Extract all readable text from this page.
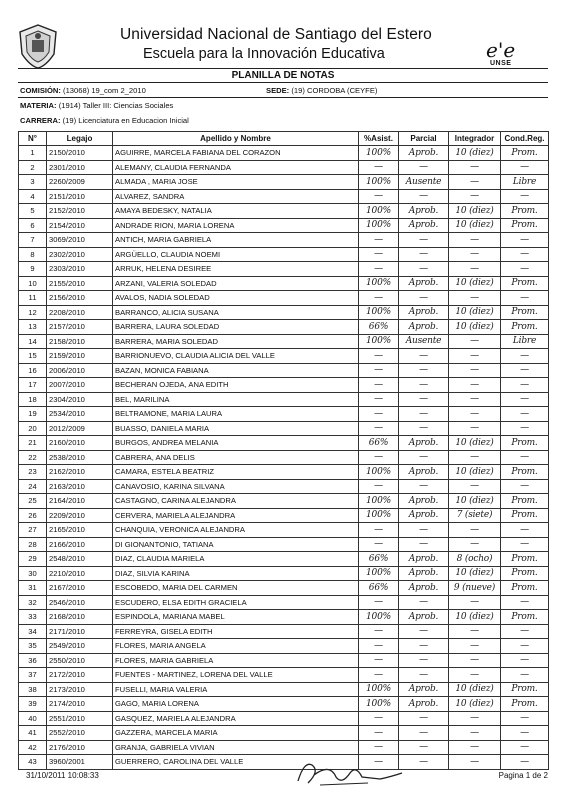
Universidad Nacional de Santiago del Estero
Escuela para la Innovación Educativa	e'e
UNSE
PLANILLA DE NOTAS
COMISIÓN: (13068) 19_com 2_2010	SEDE: (19) CORDOBA (CEYFE)
MATERIA: (1914) Taller III: Ciencias Sociales
CARRERA: (19) Licenciatura en Educacion Inicial
N°	Legajo	Apellido y Nombre	%Asist.	Parcial	Integrador	Cond.Reg.
1	2150/2010	AGUIRRE, MARCELA FABIANA DEL CORAZON	100%	Aprob.	10 (diez)	Prom.
2	2301/2010	ALEMANY, CLAUDIA FERNANDA	—	—	—	—
3	2260/2009	ALMADA , MARIA JOSE	100%	Ausente	—	Libre
4	2151/2010	ALVAREZ, SANDRA	—	—	—	—
5	2152/2010	AMAYA BEDESKY, NATALIA	100%	Aprob.	10 (diez)	Prom.
6	2154/2010	ANDRADE RION, MARIA LORENA	100%	Aprob.	10 (diez)	Prom.
7	3069/2010	ANTICH, MARIA GABRIELA	—	—	—	—
8	2302/2010	ARGÜELLO, CLAUDIA NOEMI	—	—	—	—
9	2303/2010	ARRUK, HELENA DESIREE	—	—	—	—
10	2155/2010	ARZANI, VALERIA SOLEDAD	100%	Aprob.	10 (diez)	Prom.
11	2156/2010	AVALOS, NADIA SOLEDAD	—	—	—	—
12	2208/2010	BARRANCO, ALICIA SUSANA	100%	Aprob.	10 (diez)	Prom.
13	2157/2010	BARRERA, LAURA SOLEDAD	66%	Aprob.	10 (diez)	Prom.
14	2158/2010	BARRERA, MARIA SOLEDAD	100%	Ausente	—	Libre
15	2159/2010	BARRIONUEVO, CLAUDIA ALICIA DEL VALLE	—	—	—	—
16	2006/2010	BAZAN, MONICA FABIANA	—	—	—	—
17	2007/2010	BECHERAN OJEDA, ANA EDITH	—	—	—	—
18	2304/2010	BEL, MARILINA	—	—	—	—
19	2534/2010	BELTRAMONE, MARIA LAURA	—	—	—	—
20	2012/2009	BUASSO, DANIELA MARIA	—	—	—	—
21	2160/2010	BURGOS, ANDREA MELANIA	66%	Aprob.	10 (diez)	Prom.
22	2538/2010	CABRERA, ANA DELIS	—	—	—	—
23	2162/2010	CAMARA, ESTELA BEATRIZ	100%	Aprob.	10 (diez)	Prom.
24	2163/2010	CANAVOSIO, KARINA SILVANA	—	—	—	—
25	2164/2010	CASTAGNO, CARINA ALEJANDRA	100%	Aprob.	10 (diez)	Prom.
26	2209/2010	CERVERA, MARIELA ALEJANDRA	100%	Aprob.	7 (siete)	Prom.
27	2165/2010	CHANQUIA, VERONICA ALEJANDRA	—	—	—	—
28	2166/2010	DI GIONANTONIO, TATIANA	—	—	—	—
29	2548/2010	DIAZ, CLAUDIA MARIELA	66%	Aprob.	8 (ocho)	Prom.
30	2210/2010	DIAZ, SILVIA KARINA	100%	Aprob.	10 (diez)	Prom.
31	2167/2010	ESCOBEDO, MARIA DEL CARMEN	66%	Aprob.	9 (nueve)	Prom.
32	2546/2010	ESCUDERO, ELSA EDITH GRACIELA	—	—	—	—
33	2168/2010	ESPINDOLA, MARIANA MABEL	100%	Aprob.	10 (diez)	Prom.
34	2171/2010	FERREYRA, GISELA EDITH	—	—	—	—
35	2549/2010	FLORES, MARIA ANGELA	—	—	—	—
36	2550/2010	FLORES, MARIA GABRIELA	—	—	—	—
37	2172/2010	FUENTES - MARTINEZ, LORENA DEL VALLE	—	—	—	—
38	2173/2010	FUSELLI, MARIA VALERIA	100%	Aprob.	10 (diez)	Prom.
39	2174/2010	GAGO, MARIA LORENA	100%	Aprob.	10 (diez)	Prom.
40	2551/2010	GASQUEZ, MARIELA ALEJANDRA	—	—	—	—
41	2552/2010	GAZZERA, MARCELA MARIA	—	—	—	—
42	2176/2010	GRANJA, GABRIELA VIVIAN	—	—	—	—
43	3960/2001	GUERRERO, CAROLINA DEL VALLE	—	—	—	—
31/10/2011 10:08:33	Pagina 1 de 2
